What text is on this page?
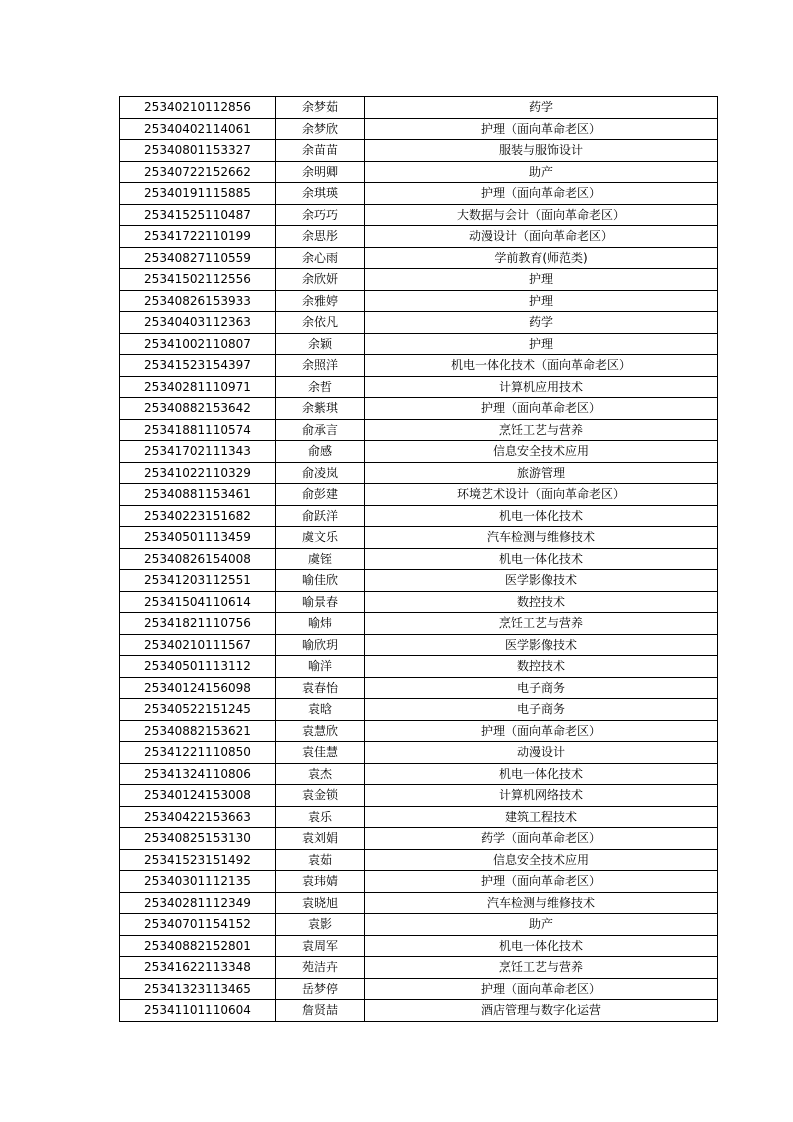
25340210112856	余梦茹	药学
25340402114061	余梦欣	护理（面向革命老区）
25340801153327	余苗苗	服装与服饰设计
25340722152662	余明卿	助产
25340191115885	余琪瑛	护理（面向革命老区）
25341525110487	余巧巧	大数据与会计（面向革命老区）
25341722110199	余思彤	动漫设计（面向革命老区）
25340827110559	余心雨	学前教育(师范类)
25341502112556	余欣妍	护理
25340826153933	余雅婷	护理
25340403112363	余依凡	药学
25341002110807	余颖	护理
25341523154397	余照洋	机电一体化技术（面向革命老区）
25340281110971	余哲	计算机应用技术
25340882153642	余紫琪	护理（面向革命老区）
25341881110574	俞承言	烹饪工艺与营养
25341702111343	俞感	信息安全技术应用
25341022110329	俞凌岚	旅游管理
25340881153461	俞彭建	环境艺术设计（面向革命老区）
25340223151682	俞跃洋	机电一体化技术
25340501113459	虞文乐	汽车检测与维修技术
25340826154008	虞铚	机电一体化技术
25341203112551	喻佳欣	医学影像技术
25341504110614	喻景春	数控技术
25341821110756	喻炜	烹饪工艺与营养
25340210111567	喻欣玥	医学影像技术
25340501113112	喻洋	数控技术
25340124156098	袁春怡	电子商务
25340522151245	袁晗	电子商务
25340882153621	袁慧欣	护理（面向革命老区）
25341221110850	袁佳慧	动漫设计
25341324110806	袁杰	机电一体化技术
25340124153008	袁金锁	计算机网络技术
25340422153663	袁乐	建筑工程技术
25340825153130	袁刘娟	药学（面向革命老区）
25341523151492	袁茹	信息安全技术应用
25340301112135	袁玮婧	护理（面向革命老区）
25340281112349	袁晓旭	汽车检测与维修技术
25340701154152	袁影	助产
25340882152801	袁周军	机电一体化技术
25341622113348	苑洁卉	烹饪工艺与营养
25341323113465	岳梦停	护理（面向革命老区）
25341101110604	詹贤喆	酒店管理与数字化运营
